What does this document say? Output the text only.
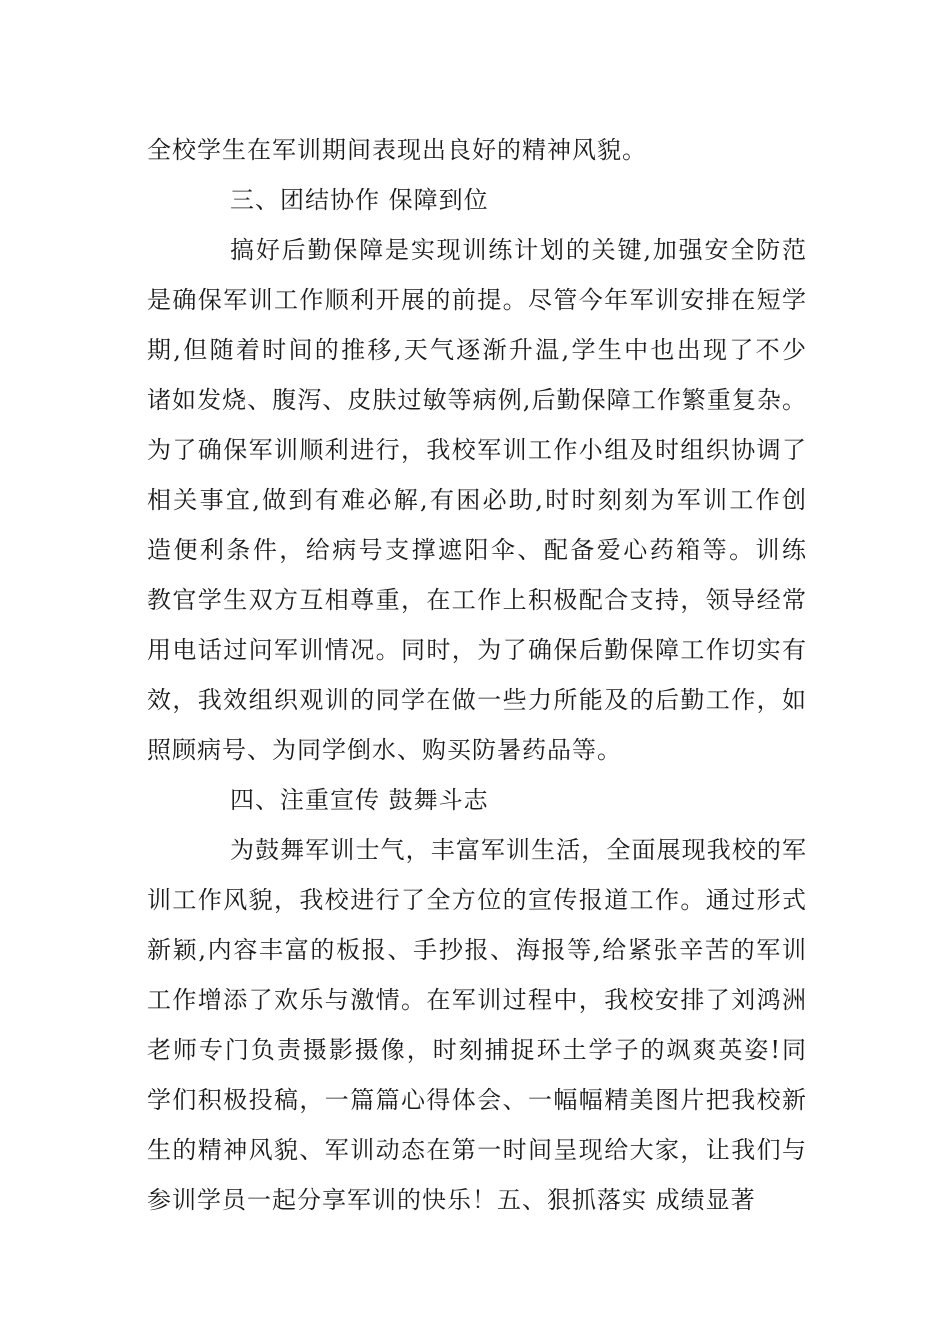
全校学生在军训期间表现出良好的精神风貌。
三、团结协作 保障到位
搞好后勤保障是实现训练计划的关键,加强安全防范
是确保军训工作顺利开展的前提。尽管今年军训安排在短学
期,但随着时间的推移,天气逐渐升温,学生中也出现了不少
诸如发烧、腹泻、皮肤过敏等病例,后勤保障工作繁重复杂。
为了确保军训顺利进行，我校军训工作小组及时组织协调了
相关事宜,做到有难必解,有困必助,时时刻刻为军训工作创
造便利条件，给病号支撑遮阳伞、配备爱心药箱等。训练
教官学生双方互相尊重，在工作上积极配合支持，领导经常
用电话过问军训情况。同时，为了确保后勤保障工作切实有
效，我效组织观训的同学在做一些力所能及的后勤工作，如
照顾病号、为同学倒水、购买防暑药品等。
四、注重宣传 鼓舞斗志
为鼓舞军训士气，丰富军训生活，全面展现我校的军
训工作风貌，我校进行了全方位的宣传报道工作。通过形式
新颖,内容丰富的板报、手抄报、海报等,给紧张辛苦的军训
工作增添了欢乐与激情。在军训过程中，我校安排了刘鸿洲
老师专门负责摄影摄像，时刻捕捉环土学子的飒爽英姿!同
学们积极投稿，一篇篇心得体会、一幅幅精美图片把我校新
生的精神风貌、军训动态在第一时间呈现给大家，让我们与
参训学员一起分享军训的快乐！五、狠抓落实 成绩显著
